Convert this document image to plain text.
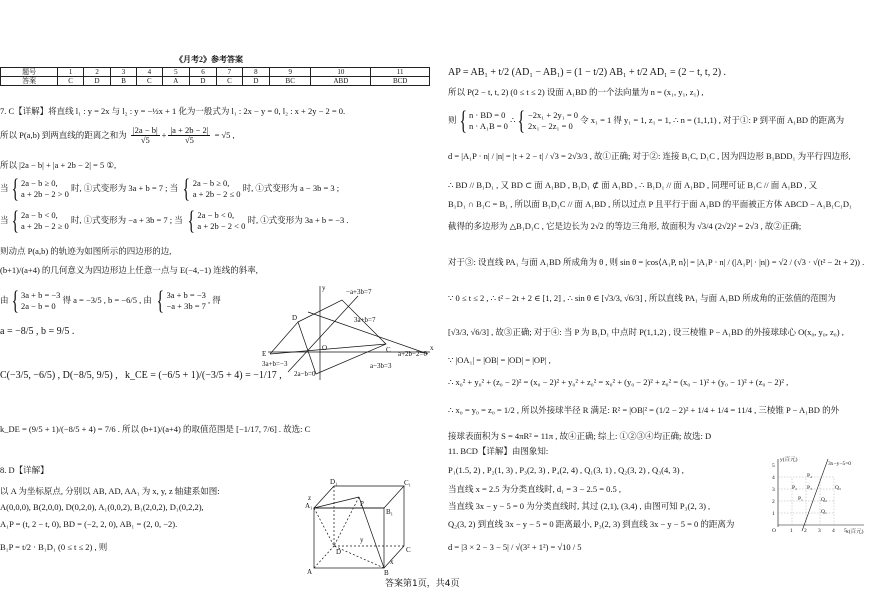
《月考2》参考答案
题号	1	2	3	4	5	6	7	8	9	10	11
答案	C	D	B	C	A	D	C	D	BC	ABD	BCD
7. C【详解】将直线 l₁ : y = 2x 与 l₂ : y = −½x + 1 化为一般式为 l₁ : 2x − y = 0, l₂ : x + 2y − 2 = 0.
所以 P(a,b) 到两直线的距离之和为 $\frac{|2a - b|}{√5} + \frac{|a + 2b - 2|}{√5} = √5$ ,
所以 |2a − b| + |a + 2b − 2| = 5 ①,
当{ 2a − b ≥ 0,
a + 2b − 2 > 0 时, ①式变形为 3a + b = 7 ; 当 { 2a − b ≥ 0,
a + 2b − 2 ≤ 0 时, ①式变形为 a − 3b = 3 ;
当{ 2a − b < 0,
a + 2b − 2 ≥ 0 时, ①式变形为 −a + 3b = 7 ; 当 { 2a − b < 0,
a + 2b − 2 < 0 时, ①式变形为 3a + b = −3 .
则动点 P(a,b) 的轨迹为如图所示的四边形的边,
(b+1)/(a+4) 的几何意义为四边形边上任意一点与 E(−4,−1) 连线的斜率,
由{ 3a + b = −3
2a − b = 0 得 a = −3/5 , b = −6/5 , 由 { 3a + b = −3
−a + 3b = 7 , 得
a = −8/5 , b = 9/5 .
C(−3/5, −6/5) , D(−8/5, 9/5) , k_CE = (−6/5 + 1)/(−3/5 + 4) = −1/17 ,
k_DE = (9/5 + 1)/(−8/5 + 4) = 7/6 . 所以 (b+1)/(a+4) 的取值范围是 [−1/17, 7/6] . 故选: C
8. D【详解】
以 A 为坐标原点, 分别以 AB, AD, AA₁ 为 x, y, z 轴建系如图:
A(0,0,0), B(2,0,0), D(0,2,0), A₁(0,0,2), B₁(2,0,2), D₁(0,2,2),
A₁P = (t, 2 − t, 0), BD = (−2, 2, 0), AB₁ = (2, 0, −2).
B₁P = t/2 · B₁D₁ (0 ≤ t ≤ 2) , 则
y
x
O
D
C
E
−a+3b=7
3a+b=7
a+2b−2=0
a−3b=3
3a+b=−3
2a−b=0
A₁
D₁	C₁
B₁
P
A	B
C
D
x
y
z
AP = AB₁ + t/2 (AD₁ − AB₁) = (1 − t/2) AB₁ + t/2 AD₁ = (2 − t, t, 2) .
所以 P(2 − t, t, 2) (0 ≤ t ≤ 2) 设面 A₁BD 的一个法向量为 n = (x₁, y₁, z₁) ,
则{ n · BD = 0
n · A₁B = 0 ∴{ −2x₁ + 2y₁ = 0
2x₁ − 2z₁ = 0 令 x₁ = 1 得 y₁ = 1, z₁ = 1, ∴ n = (1,1,1) , 对于①: P 到平面 A₁BD 的距离为
d = |A₁P · n| / |n| = |t + 2 − t| / √3 = 2√3/3 , 故①正确; 对于②: 连接 B₁C, D₁C , 因为四边形 B₁BDD₁ 为平行四边形,
∴ BD // B₁D₁ , 又 BD ⊂ 面 A₁BD , B₁D₁ ⊄ 面 A₁BD , ∴ B₁D₁ // 面 A₁BD , 同理可证 B₁C // 面 A₁BD , 又
B₁D₁ ∩ B₁C = B₁ , 所以面 B₁D₁C // 面 A₁BD , 所以过点 P 且平行于面 A₁BD 的平面被正方体 ABCD − A₁B₁C₁D₁
截得的多边形为 △B₁D₁C , 它是边长为 2√2 的等边三角形, 故面积为 √3/4 (2√2)² = 2√3 , 故②正确;
对于③: 设直线 PA₁ 与面 A₁BD 所成角为 θ , 则 sin θ = |cos⟨A₁P, n⟩| = |A₁P · n| / (|A₁P| · |n|) = √2 / (√3 · √(t² − 2t + 2)) .
∵ 0 ≤ t ≤ 2 , ∴ t² − 2t + 2 ∈ [1, 2] , ∴ sin θ ∈ [√3/3, √6/3] , 所以直线 PA₁ 与面 A₁BD 所成角的正弦值的范围为
[√3/3, √6/3] , 故③正确; 对于④: 当 P 为 B₁D₁ 中点时 P(1,1,2) , 设三棱锥 P − A₁BD 的外接球球心 O(x₀, y₀, z₀) ,
∵ |OA₁| = |OB| = |OD| = |OP| ,
∴ x₀² + y₀² + (z₀ − 2)² = (x₀ − 2)² + y₀² + z₀² = x₀² + (y₀ − 2)² + z₀² = (x₀ − 1)² + (y₀ − 1)² + (z₀ − 2)² ,
∴ x₀ = y₀ = z₀ = 1/2 , 所以外接球半径 R 满足: R² = |OB|² = (1/2 − 2)² + 1/4 + 1/4 = 11/4 , 三棱锥 P − A₁BD 的外
接球表面积为 S = 4πR² = 11π , 故④正确; 综上: ①②③④均正确; 故选: D
11. BCD【详解】由图象知:
P₁(1.5, 2) , P₂(1, 3) , P₃(2, 3) , P₄(2, 4) , Q₁(3, 1) , Q₂(3, 2) , Q₃(4, 3) ,
当直线 x = 2.5 为分类直线时, d₁ = 3 − 2.5 = 0.5 ,
当直线 3x − y − 5 = 0 为分类直线时, 其过 (2,1), (3,4) , 由图可知 P₃(2, 3) ,
Q₂(3, 2) 到直线 3x − y − 5 = 0 距离最小, P₃(2, 3) 到直线 3x − y − 5 = 0 的距离为
d = |3 × 2 − 3 − 5| / √(3² + 1²) = √10 / 5
y(百元)
x(百元)
3x−y−5=0
O	1 2 3 4 5
1
2
3
4
5
P₁
P₂ P₃
P₄
Q₁
Q₂
Q₃
答案第1页，共4页
